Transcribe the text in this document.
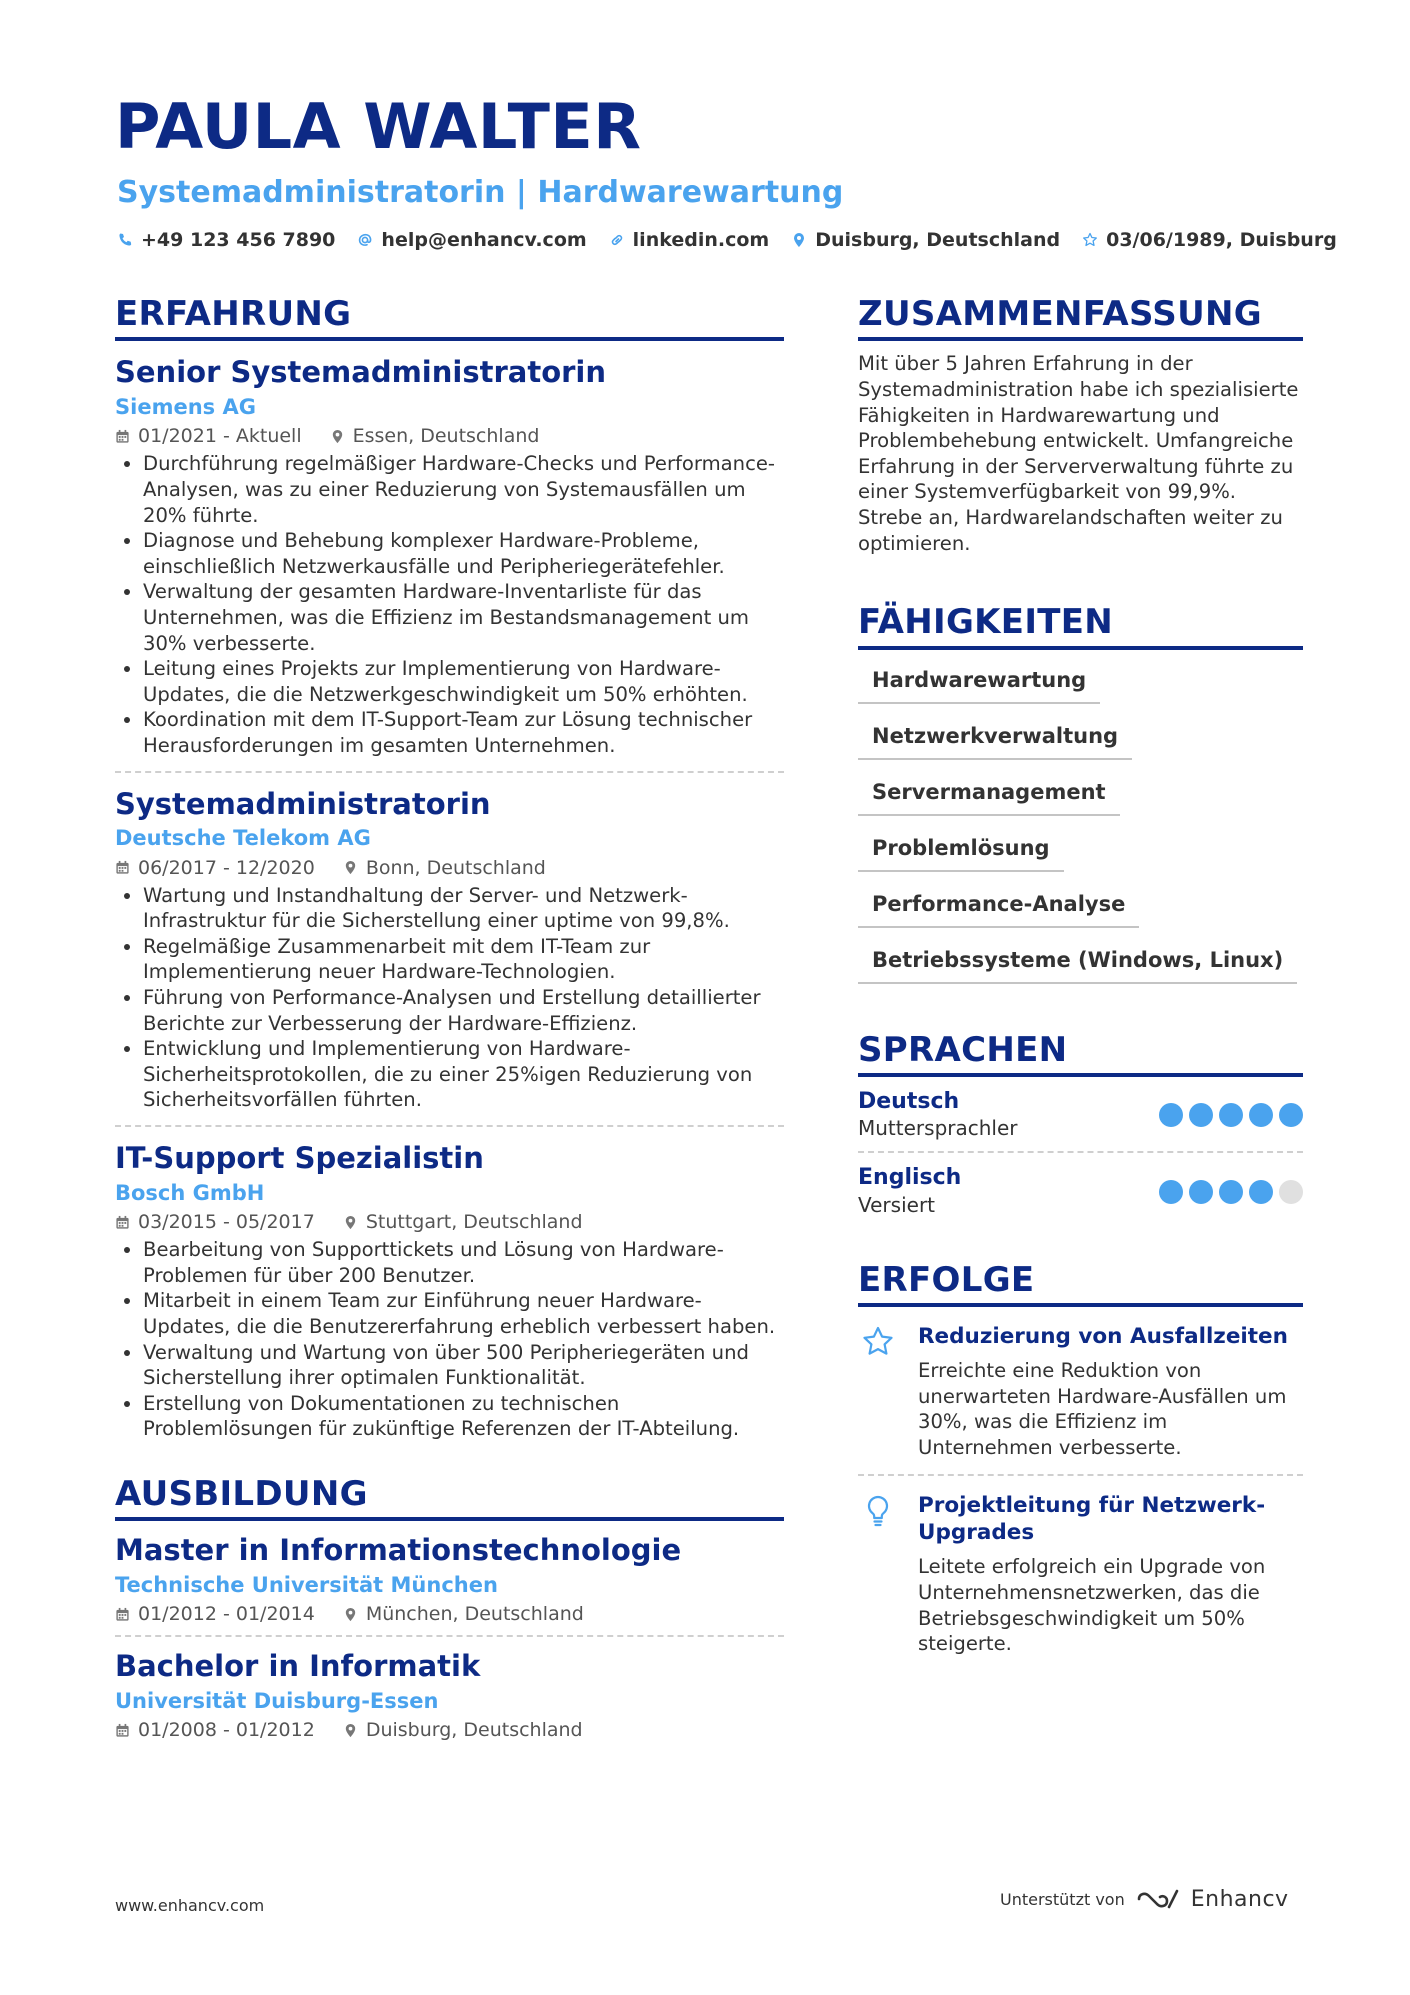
PAULA WALTER
Systemadministratorin | Hardwarewartung
+49 123 456 7890 help@enhancv.com linkedin.com Duisburg, Deutschland 03/06/1989, Duisburg
ERFAHRUNG
Senior Systemadministratorin
Siemens AG
01/2021 - Aktuell	Essen, Deutschland
• Durchführung regelmäßiger Hardware-Checks und Performance-Analysen, was zu einer Reduzierung von Systemausfällen um 20% führte.
• Diagnose und Behebung komplexer Hardware-Probleme, einschließlich Netzwerkausfälle und Peripheriegerätefehler.
• Verwaltung der gesamten Hardware-Inventarliste für das Unternehmen, was die Effizienz im Bestandsmanagement um 30% verbesserte.
• Leitung eines Projekts zur Implementierung von Hardware-Updates, die die Netzwerkgeschwindigkeit um 50% erhöhten.
• Koordination mit dem IT-Support-Team zur Lösung technischer Herausforderungen im gesamten Unternehmen.
Systemadministratorin
Deutsche Telekom AG
06/2017 - 12/2020	Bonn, Deutschland
• Wartung und Instandhaltung der Server- und Netzwerk-Infrastruktur für die Sicherstellung einer uptime von 99,8%.
• Regelmäßige Zusammenarbeit mit dem IT-Team zur Implementierung neuer Hardware-Technologien.
• Führung von Performance-Analysen und Erstellung detaillierter Berichte zur Verbesserung der Hardware-Effizienz.
• Entwicklung und Implementierung von Hardware-Sicherheitsprotokollen, die zu einer 25%igen Reduzierung von Sicherheitsvorfällen führten.
IT-Support Spezialistin
Bosch GmbH
03/2015 - 05/2017	Stuttgart, Deutschland
• Bearbeitung von Supporttickets und Lösung von Hardware-Problemen für über 200 Benutzer.
• Mitarbeit in einem Team zur Einführung neuer Hardware-Updates, die die Benutzererfahrung erheblich verbessert haben.
• Verwaltung und Wartung von über 500 Peripheriegeräten und Sicherstellung ihrer optimalen Funktionalität.
• Erstellung von Dokumentationen zu technischen Problemlösungen für zukünftige Referenzen der IT-Abteilung.
AUSBILDUNG
Master in Informationstechnologie
Technische Universität München
01/2012 - 01/2014	München, Deutschland
Bachelor in Informatik
Universität Duisburg-Essen
01/2008 - 01/2012	Duisburg, Deutschland
ZUSAMMENFASSUNG

Mit über 5 Jahren Erfahrung in der Systemadministration habe ich spezialisierte Fähigkeiten in Hardwarewartung und Problembehebung entwickelt. Umfangreiche Erfahrung in der Serververwaltung führte zu einer Systemverfügbarkeit von 99,9%. Strebe an, Hardwarelandschaften weiter zu optimieren.

FÄHIGKEITEN
Hardwarewartung
Netzwerkverwaltung
Servermanagement
Problemlösung
Performance-Analyse
Betriebssysteme (Windows, Linux)
SPRACHEN
Deutsch
Muttersprachler
Englisch
Versiert
ERFOLGE
Reduzierung von Ausfallzeiten
Erreichte eine Reduktion von unerwarteten Hardware-Ausfällen um 30%, was die Effizienz im Unternehmen verbesserte.
Projektleitung für Netzwerk-Upgrades
Leitete erfolgreich ein Upgrade von Unternehmensnetzwerken, das die Betriebsgeschwindigkeit um 50% steigerte.
www.enhancv.com	Unterstützt von	Enhancv
